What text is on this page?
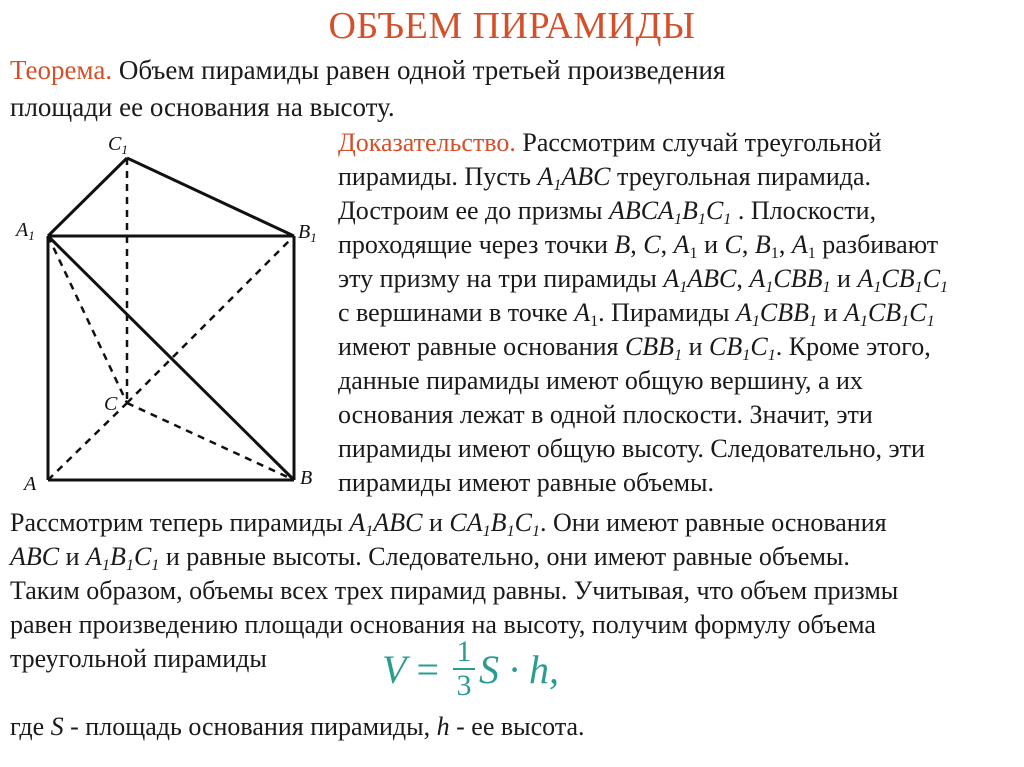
ОБЪЕМ ПИРАМИДЫ
Теорема. Объем пирамиды равен одной третьей произведения
площади ее основания на высоту.
$C_1$
$A_1$	$B_1$
C
A	B
Доказательство. Рассмотрим случай треугольной
пирамиды. Пусть $A_1ABC$ треугольная пирамида.
Достроим ее до призмы $ABCA_1B_1C_1$ . Плоскости,
проходящие через точки B, C, $A_1$ и C, $B_1$, $A_1$ разбивают
эту призму на три пирамиды $A_1ABC$, $A_1CBB_1$ и $A_1CB_1C_1$
с вершинами в точке $A_1$. Пирамиды $A_1CBB_1$ и $A_1CB_1C_1$
имеют равные основания $CBB_1$ и $CB_1C_1$. Кроме этого,
данные пирамиды имеют общую вершину, а их
основания лежат в одной плоскости. Значит, эти
пирамиды имеют общую высоту. Следовательно, эти
пирамиды имеют равные объемы.
Рассмотрим теперь пирамиды $A_1ABC$ и $CA_1B_1C_1$. Они имеют равные основания
ABC и $A_1B_1C_1$ и равные высоты. Следовательно, они имеют равные объемы.
Таким образом, объемы всех трех пирамид равны. Учитывая, что объем призмы
равен произведению площади основания на высоту, получим формулу объема
треугольной пирамиды
где S - площадь основания пирамиды, h - ее высота.
$V = \frac{1}{3}$ S · h,
